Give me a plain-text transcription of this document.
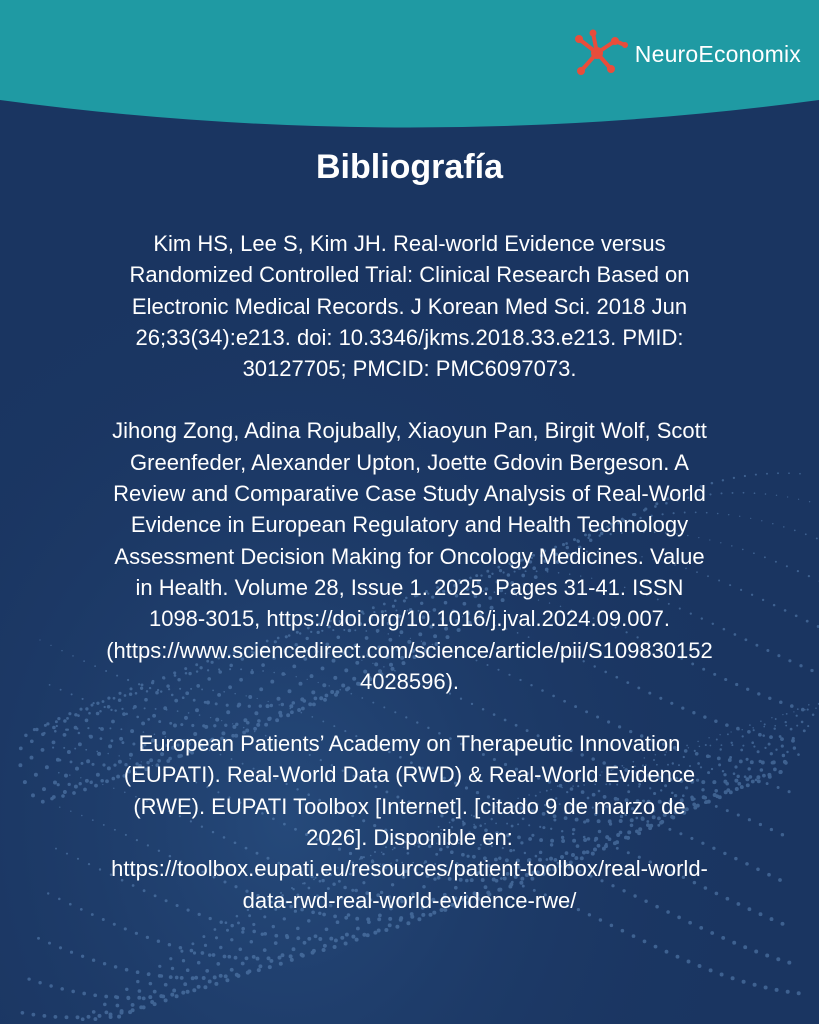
NeuroEconomix
Bibliografía

Kim HS, Lee S, Kim JH. Real-world Evidence versus
Randomized Controlled Trial: Clinical Research Based on
Electronic Medical Records. J Korean Med Sci. 2018 Jun
26;33(34):e213. doi: 10.3346/jkms.2018.33.e213. PMID:
30127705; PMCID: PMC6097073.

Jihong Zong, Adina Rojubally, Xiaoyun Pan, Birgit Wolf, Scott
Greenfeder, Alexander Upton, Joette Gdovin Bergeson. A
Review and Comparative Case Study Analysis of Real-World
Evidence in European Regulatory and Health Technology
Assessment Decision Making for Oncology Medicines. Value
in Health. Volume 28, Issue 1. 2025. Pages 31-41. ISSN
1098-3015, https://doi.org/10.1016/j.jval.2024.09.007.
(https://www.sciencedirect.com/science/article/pii/S109830152
4028596).

European Patients’ Academy on Therapeutic Innovation
(EUPATI). Real-World Data (RWD) & Real-World Evidence
(RWE). EUPATI Toolbox [Internet]. [citado 9 de marzo de
2026]. Disponible en:
https://toolbox.eupati.eu/resources/patient-toolbox/real-world-
data-rwd-real-world-evidence-rwe/
